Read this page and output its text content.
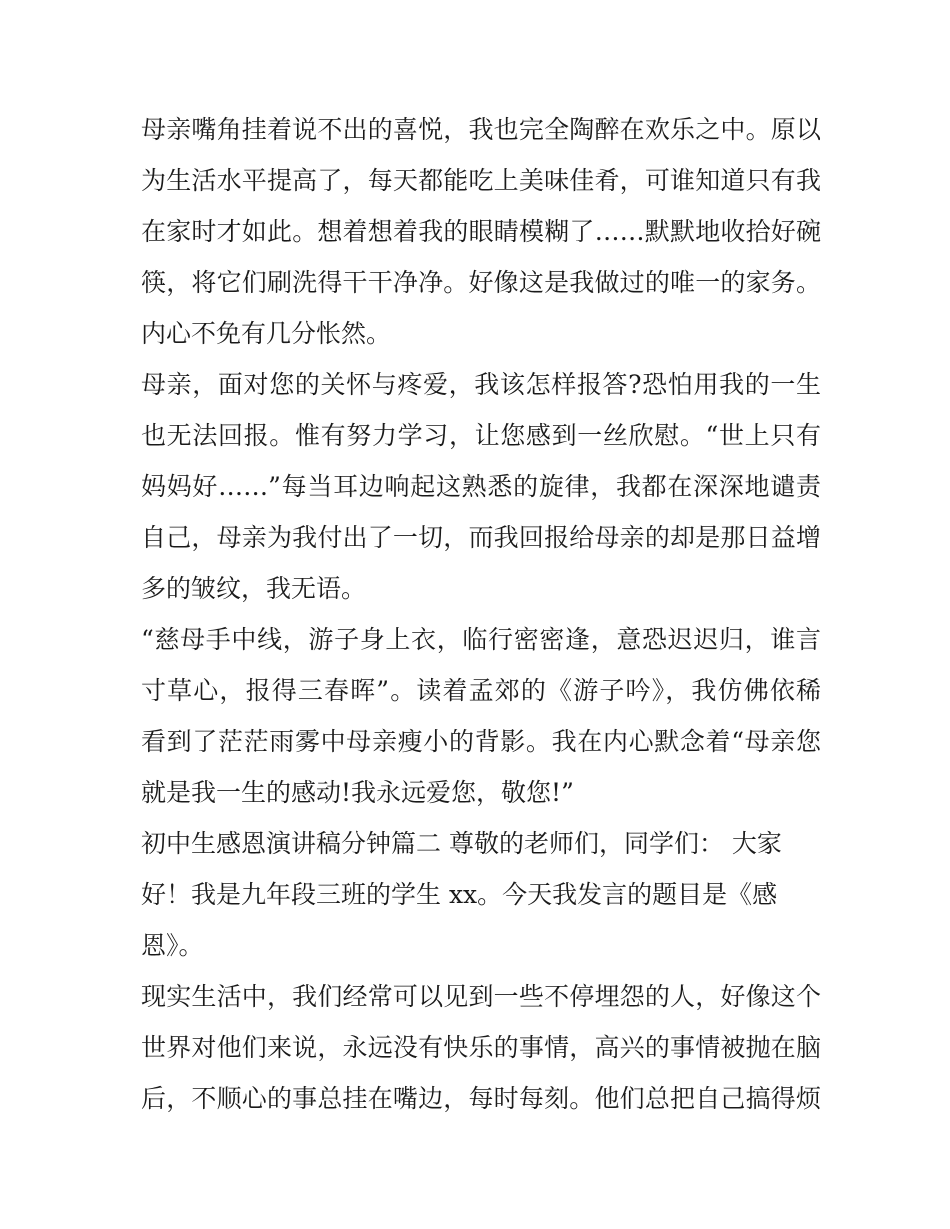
母亲嘴角挂着说不出的喜悦，我也完全陶醉在欢乐之中。原以
为生活水平提高了，每天都能吃上美味佳肴，可谁知道只有我
在家时才如此。想着想着我的眼睛模糊了……默默地收拾好碗
筷，将它们刷洗得干干净净。好像这是我做过的唯一的家务。
内心不免有几分怅然。
母亲，面对您的关怀与疼爱，我该怎样报答?恐怕用我的一生
也无法回报。惟有努力学习，让您感到一丝欣慰。“世上只有
妈妈好……”每当耳边响起这熟悉的旋律，我都在深深地谴责
自己，母亲为我付出了一切，而我回报给母亲的却是那日益增
多的皱纹，我无语。
“慈母手中线，游子身上衣，临行密密逢，意恐迟迟归，谁言
寸草心，报得三春晖”。读着孟郊的《游子吟》，我仿佛依稀
看到了茫茫雨雾中母亲瘦小的背影。我在内心默念着“母亲您
就是我一生的感动!我永远爱您，敬您!”
初中生感恩演讲稿分钟篇二 尊敬的老师们，同学们： 大家
好！我是九年段三班的学生 xx。今天我发言的题目是《感
恩》。
现实生活中，我们经常可以见到一些不停埋怨的人，好像这个
世界对他们来说，永远没有快乐的事情，高兴的事情被抛在脑
后，不顺心的事总挂在嘴边，每时每刻。他们总把自己搞得烦
